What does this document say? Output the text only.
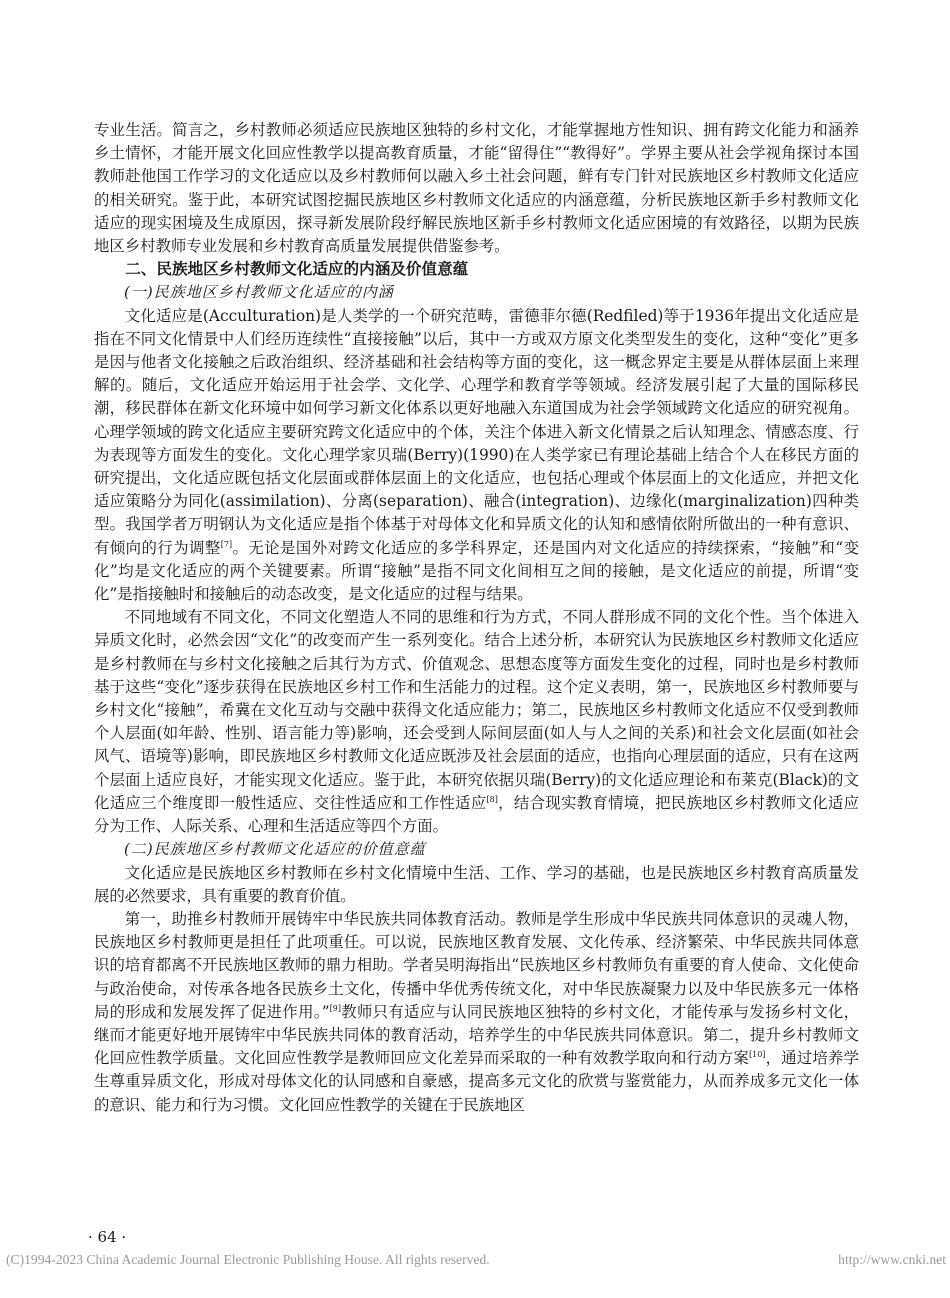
专业生活。简言之，乡村教师必须适应民族地区独特的乡村文化，才能掌握地方性知识、拥有跨文化能力和涵养乡土情怀，才能开展文化回应性教学以提高教育质量，才能“留得住”“教得好”。学界主要从社会学视角探讨本国教师赴他国工作学习的文化适应以及乡村教师何以融入乡土社会问题，鲜有专门针对民族地区乡村教师文化适应的相关研究。鉴于此，本研究试图挖掘民族地区乡村教师文化适应的内涵意蕴，分析民族地区新手乡村教师文化适应的现实困境及生成原因，探寻新发展阶段纾解民族地区新手乡村教师文化适应困境的有效路径，以期为民族地区乡村教师专业发展和乡村教育高质量发展提供借鉴参考。

二、民族地区乡村教师文化适应的内涵及价值意蕴

(一)民族地区乡村教师文化适应的内涵

文化适应是(Acculturation)是人类学的一个研究范畴，雷德菲尔德(Redfiled)等于1936年提出文化适应是指在不同文化情景中人们经历连续性“直接接触”以后，其中一方或双方原文化类型发生的变化，这种“变化”更多是因与他者文化接触之后政治组织、经济基础和社会结构等方面的变化，这一概念界定主要是从群体层面上来理解的。随后，文化适应开始运用于社会学、文化学、心理学和教育学等领域。经济发展引起了大量的国际移民潮，移民群体在新文化环境中如何学习新文化体系以更好地融入东道国成为社会学领域跨文化适应的研究视角。心理学领域的跨文化适应主要研究跨文化适应中的个体，关注个体进入新文化情景之后认知理念、情感态度、行为表现等方面发生的变化。文化心理学家贝瑞(Berry)(1990)在人类学家已有理论基础上结合个人在移民方面的研究提出，文化适应既包括文化层面或群体层面上的文化适应，也包括心理或个体层面上的文化适应，并把文化适应策略分为同化(assimilation)、分离(separation)、融合(integration)、边缘化(marginalization)四种类型。我国学者万明钢认为文化适应是指个体基于对母体文化和异质文化的认知和感情依附所做出的一种有意识、有倾向的行为调整[7]。无论是国外对跨文化适应的多学科界定，还是国内对文化适应的持续探索，“接触”和“变化”均是文化适应的两个关键要素。所谓“接触”是指不同文化间相互之间的接触，是文化适应的前提，所谓“变化”是指接触时和接触后的动态改变，是文化适应的过程与结果。

不同地域有不同文化，不同文化塑造人不同的思维和行为方式，不同人群形成不同的文化个性。当个体进入异质文化时，必然会因“文化”的改变而产生一系列变化。结合上述分析，本研究认为民族地区乡村教师文化适应是乡村教师在与乡村文化接触之后其行为方式、价值观念、思想态度等方面发生变化的过程，同时也是乡村教师基于这些“变化”逐步获得在民族地区乡村工作和生活能力的过程。这个定义表明，第一，民族地区乡村教师要与乡村文化“接触”，希冀在文化互动与交融中获得文化适应能力；第二，民族地区乡村教师文化适应不仅受到教师个人层面(如年龄、性别、语言能力等)影响，还会受到人际间层面(如人与人之间的关系)和社会文化层面(如社会风气、语境等)影响，即民族地区乡村教师文化适应既涉及社会层面的适应，也指向心理层面的适应，只有在这两个层面上适应良好，才能实现文化适应。鉴于此，本研究依据贝瑞(Berry)的文化适应理论和布莱克(Black)的文化适应三个维度即一般性适应、交往性适应和工作性适应[8]，结合现实教育情境，把民族地区乡村教师文化适应分为工作、人际关系、心理和生活适应等四个方面。

(二)民族地区乡村教师文化适应的价值意蕴

文化适应是民族地区乡村教师在乡村文化情境中生活、工作、学习的基础，也是民族地区乡村教育高质量发展的必然要求，具有重要的教育价值。

第一，助推乡村教师开展铸牢中华民族共同体教育活动。教师是学生形成中华民族共同体意识的灵魂人物，民族地区乡村教师更是担任了此项重任。可以说，民族地区教育发展、文化传承、经济繁荣、中华民族共同体意识的培育都离不开民族地区教师的鼎力相助。学者吴明海指出“民族地区乡村教师负有重要的育人使命、文化使命与政治使命，对传承各地各民族乡土文化，传播中华优秀传统文化，对中华民族凝聚力以及中华民族多元一体格局的形成和发展发挥了促进作用。”[9]教师只有适应与认同民族地区独特的乡村文化，才能传承与发扬乡村文化，继而才能更好地开展铸牢中华民族共同体的教育活动，培养学生的中华民族共同体意识。第二，提升乡村教师文化回应性教学质量。文化回应性教学是教师回应文化差异而采取的一种有效教学取向和行动方案[10]，通过培养学生尊重异质文化，形成对母体文化的认同感和自豪感，提高多元文化的欣赏与鉴赏能力，从而养成多元文化一体的意识、能力和行为习惯。文化回应性教学的关键在于民族地区

· 64 ·
(C)1994-2023 China Academic Journal Electronic Publishing House. All rights reserved.	http://www.cnki.net
